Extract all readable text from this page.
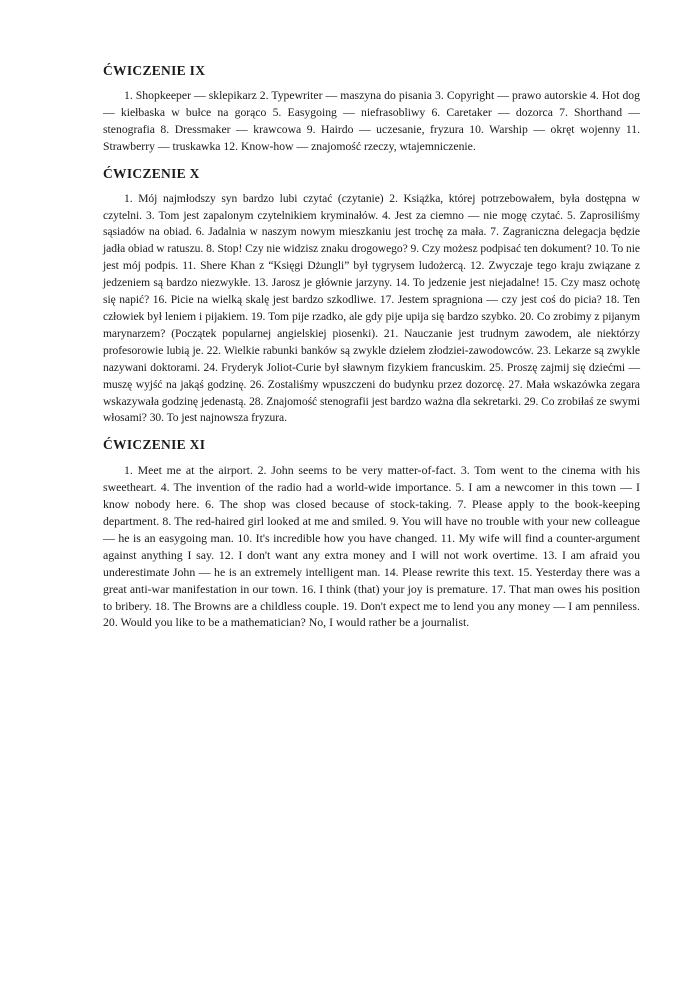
ĆWICZENIE IX

1. Shopkeeper — sklepikarz 2. Typewriter — maszyna do pisania 3. Copyright — prawo autorskie 4. Hot dog — kiełbaska w bułce na gorąco 5. Easygoing — niefrasobliwy 6. Caretaker — dozorca 7. Shorthand — stenografia 8. Dressmaker — krawcowa 9. Hairdo — uczesanie, fryzura 10. Warship — okręt wojenny 11. Strawberry — truskawka 12. Know-how — znajomość rzeczy, wtajemniczenie.

ĆWICZENIE X

1. Mój najmłodszy syn bardzo lubi czytać (czytanie) 2. Książka, której potrzebowałem, była dostępna w czytelni. 3. Tom jest zapalonym czytelnikiem kryminałów. 4. Jest za ciemno — nie mogę czytać. 5. Zaprosiliśmy sąsiadów na obiad. 6. Jadalnia w naszym nowym mieszkaniu jest trochę za mała. 7. Zagraniczna delegacja będzie jadła obiad w ratuszu. 8. Stop! Czy nie widzisz znaku drogowego? 9. Czy możesz podpisać ten dokument? 10. To nie jest mój podpis. 11. Shere Khan z “Księgi Dżungli” był tygrysem ludożercą. 12. Zwyczaje tego kraju związane z jedzeniem są bardzo niezwykłe. 13. Jarosz je głównie jarzyny. 14. To jedzenie jest niejadalne! 15. Czy masz ochotę się napić? 16. Picie na wielką skalę jest bardzo szkodliwe. 17. Jestem spragniona — czy jest coś do picia? 18. Ten człowiek był leniem i pijakiem. 19. Tom pije rzadko, ale gdy pije upija się bardzo szybko. 20. Co zrobimy z pijanym marynarzem? (Początek popularnej angielskiej piosenki). 21. Nauczanie jest trudnym zawodem, ale niektórzy profesorowie lubią je. 22. Wielkie rabunki banków są zwykle dziełem złodziei-zawodowców. 23. Lekarze są zwykle nazywani doktorami. 24. Fryderyk Joliot-Curie był sławnym fizykiem francuskim. 25. Proszę zajmij się dziećmi — muszę wyjść na jakąś godzinę. 26. Zostaliśmy wpuszczeni do budynku przez dozorcę. 27. Mała wskazówka zegara wskazywała godzinę jedenastą. 28. Znajomość stenografii jest bardzo ważna dla sekretarki. 29. Co zrobiłaś ze swymi włosami? 30. To jest najnowsza fryzura.

ĆWICZENIE XI

1. Meet me at the airport. 2. John seems to be very matter-of-fact. 3. Tom went to the cinema with his sweetheart. 4. The invention of the radio had a world-wide importance. 5. I am a newcomer in this town — I know nobody here. 6. The shop was closed because of stock-taking. 7. Please apply to the book-keeping department. 8. The red-haired girl looked at me and smiled. 9. You will have no trouble with your new colleague — he is an easygoing man. 10. It's incredible how you have changed. 11. My wife will find a counter-argument against anything I say. 12. I don't want any extra money and I will not work overtime. 13. I am afraid you underestimate John — he is an extremely intelligent man. 14. Please rewrite this text. 15. Yesterday there was a great anti-war manifestation in our town. 16. I think (that) your joy is premature. 17. That man owes his position to bribery. 18. The Browns are a childless couple. 19. Don't expect me to lend you any money — I am penniless. 20. Would you like to be a mathematician? No, I would rather be a journalist.
